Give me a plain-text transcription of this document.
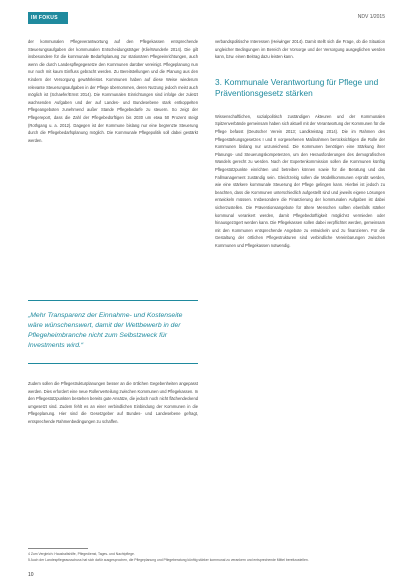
IM FOKUS	NDV 1/2015

der kommunalen Pflegeverantwortung auf den Pflegekassen entsprechende Steuerungsaufgaben der kommunalen Entscheidungsträger (Klie/Wunderle 2014). Die gilt insbesondere für die kommunale Bedarfsplanung zur stationären Pflegeeinrichtungen, auch wenn die durch Landespflegegesetze den Kommunen darüber vereinigt. Pflegeplanung nun nur noch mit kaum Einfluss gebracht werden. Zu Bereitstellungen und die Planung aus den Kindern der Versorgung gewährleistet. Kommunen haben auf diese Weise wiederum relevante Steuerungsaufgaben in der Pflege übernommen, deren Nutzung jedoch meist auch möglich ist (Schaefer/Ernst 2014). Die Kommunalen Einrichtungen sind infolge der zuletzt wachsenden Aufgaben und der auf Landes- und Bundesebene stark entkoppelten Pflegeangeboten zunehmend außer Stande Pflegebedarfe zu steuern. So zeigt der Pflegereport, dass die Zahl der Pflegebedürftigen bis 2030 um etwa 50 Prozent steigt (Rothgang u. a. 2012). Dagegen ist der Kommune bislang nur eine begrenzte Steuerung durch die Pflegebedarfsplanung möglich. Die Kommunale Pflegepolitik soll dabei gestärkt werden.

„Mehr Transparenz der Einnahme- und Kostenseite wäre wünschenswert, damit der Wettbewerb in der Pflegeheimbranche nicht zum Selbstzweck für Investments wird.“

Zudem sollen die Pflegestrukturplanungen besser an die örtlichen Gegebenheiten angepasst werden. Dies erfordert eine neue Rollenverteilung zwischen Kommunen und Pflegekassen. In den Pflegestützpunkten bestehen bereits gute Ansätze, die jedoch noch nicht flächendeckend umgesetzt sind. Zudem fehlt es an einer verbindlichen Einbindung der Kommunen in die Pflegeplanung. Hier sind die Gesetzgeber auf Bundes- und Landesebene gefragt, entsprechende Rahmenbedingungen zu schaffen.

verbandspolitische Interessen (Heiwinger 2014). Damit stellt sich die Frage, ob die Situation ungleicher Bedingungen im Bereich der Vorsorge und der Versorgung ausgeglichen werden kann, bzw. einen Beitrag dazu leisten kann.

3. Kommunale Verantwortung für Pflege und Präventionsgesetz stärken

Wissenschaftlichen, sozialpolitisch zuständigen Akteuren und der Kommunalen Spitzenverbände gemeinsam haben sich aktuell mit der Verantwortung der Kommunen für die Pflege befasst (Deutscher Verein 2013; Landkreistag 2014). Die im Rahmen des Pflegestärkungsgesetzes I und II vorgesehenen Maßnahmen berücksichtigen die Rolle der Kommunen bislang nur unzureichend. Die Kommunen benötigen eine Stärkung ihrer Planungs- und Steuerungskompetenzen, um den Herausforderungen des demografischen Wandels gerecht zu werden. Nach der Expertenkommission sollen die Kommunen künftig Pflegestützpunkte einrichten und betreiben können sowie für die Beratung und das Fallmanagement zuständig sein. Gleichzeitig sollen die Modellkommunen erprobt werden, wie eine stärkere kommunale Steuerung der Pflege gelingen kann. Hierbei ist jedoch zu beachten, dass die Kommunen unterschiedlich aufgestellt sind und jeweils eigene Lösungen entwickeln müssen. Insbesondere die Finanzierung der kommunalen Aufgaben ist dabei sicherzustellen. Die Präventionsangebote für ältere Menschen sollten ebenfalls stärker kommunal verankert werden, damit Pflegebedürftigkeit möglichst vermieden oder hinausgezögert werden kann. Die Pflegekassen sollen dabei verpflichtet werden, gemeinsam mit den Kommunen entsprechende Angebote zu entwickeln und zu finanzieren. Für die Gestaltung der örtlichen Pflegestrukturen sind verbindliche Vereinbarungen zwischen Kommunen und Pflegekassen notwendig.

4 Zum Vergleich: Haushaltshilfe, Pflegedienst, Tages- und Nachtpflege.
5 Auch der Landespflegeausschuss hat sich dafür ausgesprochen, die Pflegeplanung und Pflegeberatung künftig stärker kommunal zu verankern und entsprechende Mittel bereitzustellen.
10
